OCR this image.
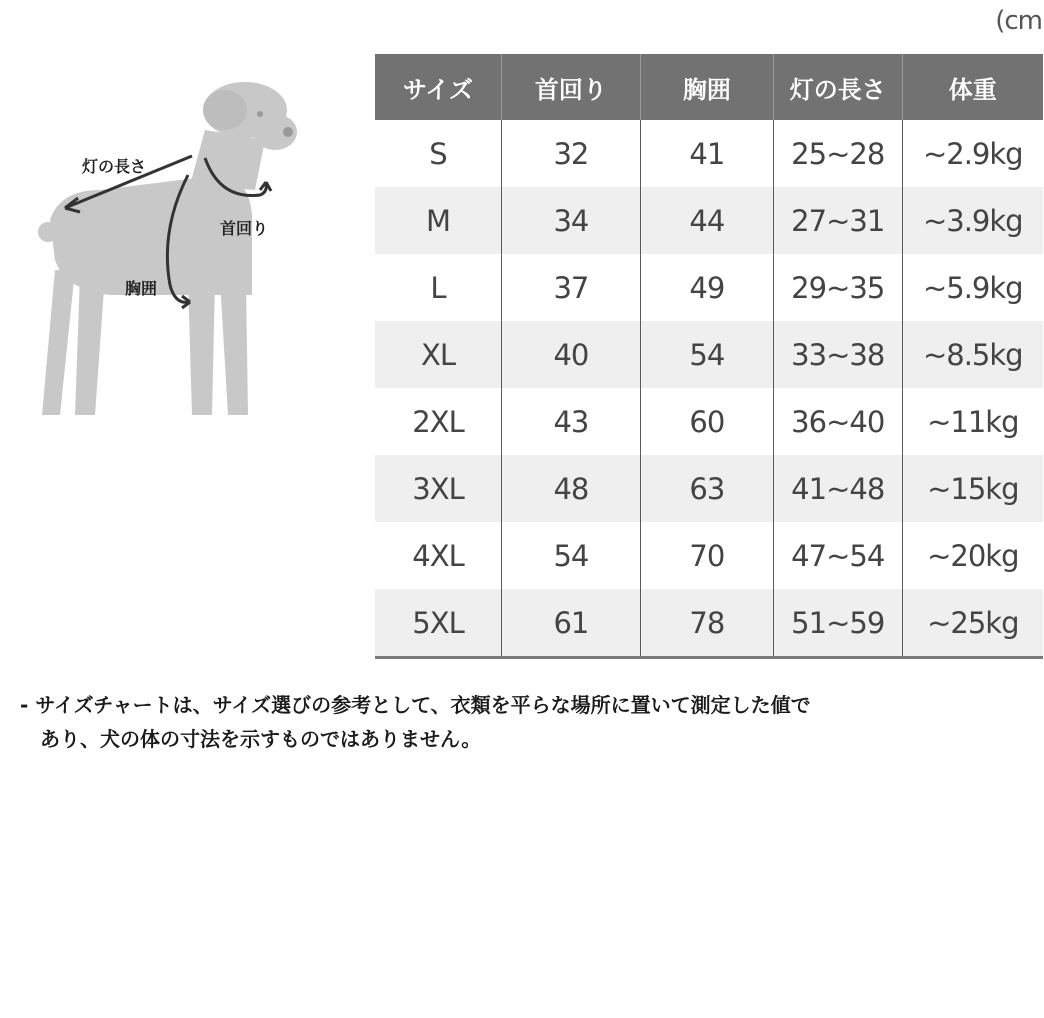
(cm
灯の長さ
首回り
胸囲
サイズ	首回り	胸囲	灯の長さ	体重
S	32	41	25~28	~2.9kg
M	34	44	27~31	~3.9kg
L	37	49	29~35	~5.9kg
XL	40	54	33~38	~8.5kg
2XL	43	60	36~40	~11kg
3XL	48	63	41~48	~15kg
4XL	54	70	47~54	~20kg
5XL	61	78	51~59	~25kg
- サイズチャートは、サイズ選びの参考として、衣類を平らな場所に置いて測定した値で
あり、犬の体の寸法を示すものではありません。
